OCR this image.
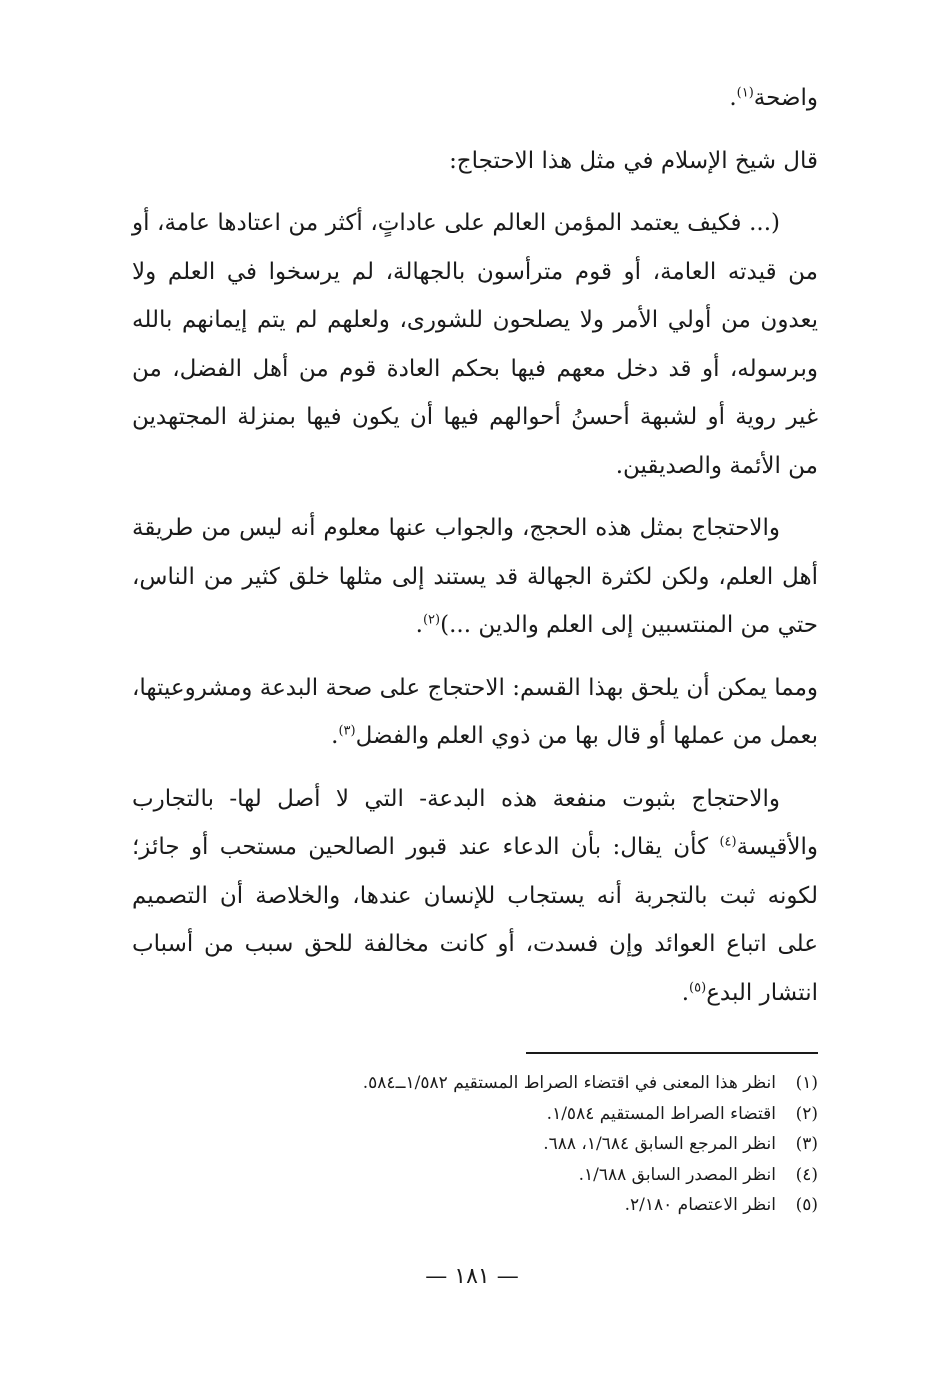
واضحة$^{(١)}$.

قال شيخ الإسلام في مثل هذا الاحتجاج:

(... فكيف يعتمد المؤمن العالم على عاداتٍ، أكثر من اعتادها عامة، أو من قيدته العامة، أو قوم مترأسون بالجهالة، لم يرسخوا في العلم ولا يعدون من أولي الأمر ولا يصلحون للشورى، ولعلهم لم يتم إيمانهم بالله وبرسوله، أو قد دخل معهم فيها بحكم العادة قوم من أهل الفضل، من غير روية أو لشبهة أحسنُ أحوالهم فيها أن يكون فيها بمنزلة المجتهدين من الأئمة والصديقين.

والاحتجاج بمثل هذه الحجج، والجواب عنها معلوم أنه ليس من طريقة أهل العلم، ولكن لكثرة الجهالة قد يستند إلى مثلها خلق كثير من الناس، حتي من المنتسبين إلى العلم والدين ...)$^{(٢)}$.

ومما يمكن أن يلحق بهذا القسم: الاحتجاج على صحة البدعة ومشروعيتها، بعمل من عملها أو قال بها من ذوي العلم والفضل$^{(٣)}$.

والاحتجاج بثبوت منفعة هذه البدعة- التي لا أصل لها- بالتجارب والأقيسة$^{(٤)}$ كأن يقال: بأن الدعاء عند قبور الصالحين مستحب أو جائز؛ لكونه ثبت بالتجربة أنه يستجاب للإنسان عندها، والخلاصة أن التصميم على اتباع العوائد وإن فسدت، أو كانت مخالفة للحق سبب من أسباب انتشار البدع$^{(٥)}$.

(١)
انظر هذا المعنى في اقتضاء الصراط المستقيم ١/٥٨٢ــ٥٨٤.
(٢)
اقتضاء الصراط المستقيم ١/٥٨٤.
(٣)
انظر المرجع السابق ١/٦٨٤، ٦٨٨.
(٤)
انظر المصدر السابق ١/٦٨٨.
(٥)
انظر الاعتصام ٢/١٨٠.
— ١٨١ —
